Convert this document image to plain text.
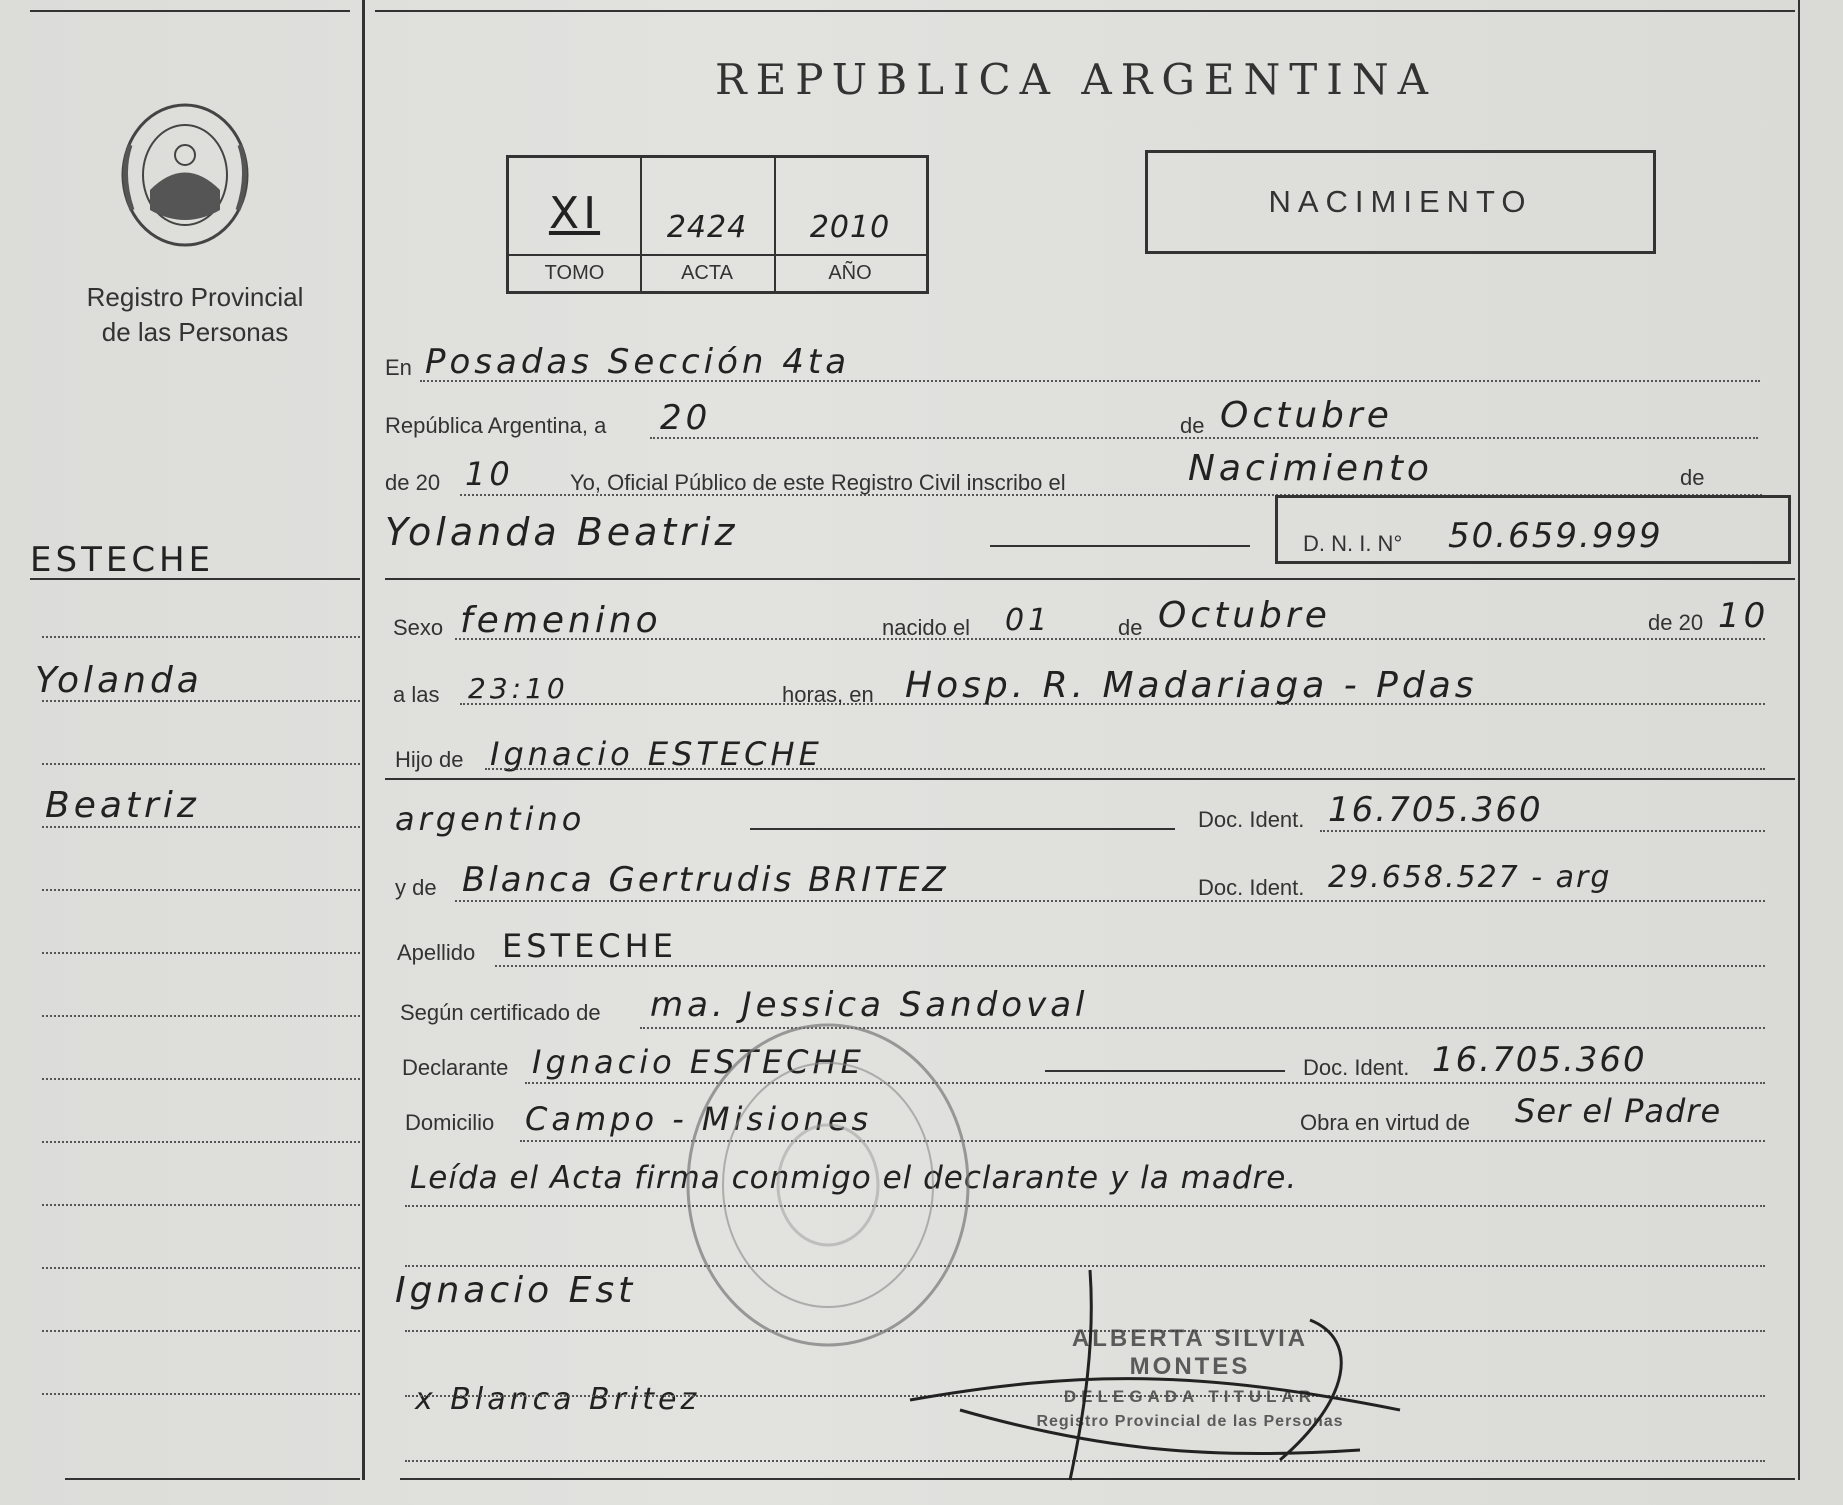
Registro Provincial
de las Personas
REPUBLICA ARGENTINA
XI	2424	2010
TOMO	ACTA	AÑO
NACIMIENTO
ESTECHE
Yolanda
Beatriz
En Posadas Sección 4ta
República Argentina, a 20	de Octubre
de 20 10	Yo, Oficial Público de este Registro Civil inscribo el	Nacimiento	de
Yolanda Beatriz	D. N. I. N° 50.659.999
Sexo femenino	nacido el 01	de Octubre	de 20 10
a las 23:10	horas, en Hosp. R. Madariaga - Pdas
Hijo de Ignacio ESTECHE
argentino	Doc. Ident. 16.705.360
y de Blanca Gertrudis BRITEZ	Doc. Ident. 29.658.527 - arg
Apellido ESTECHE
Según certificado de ma. Jessica Sandoval
Declarante Ignacio ESTECHE	Doc. Ident. 16.705.360
Domicilio Campo - Misiones	Obra en virtud de Ser el Padre
Leída el Acta firma conmigo el declarante y la madre.
Ignacio Est
x Blanca Britez
ALBERTA SILVIA MONTES
DELEGADA TITULAR
Registro Provincial de las Personas
